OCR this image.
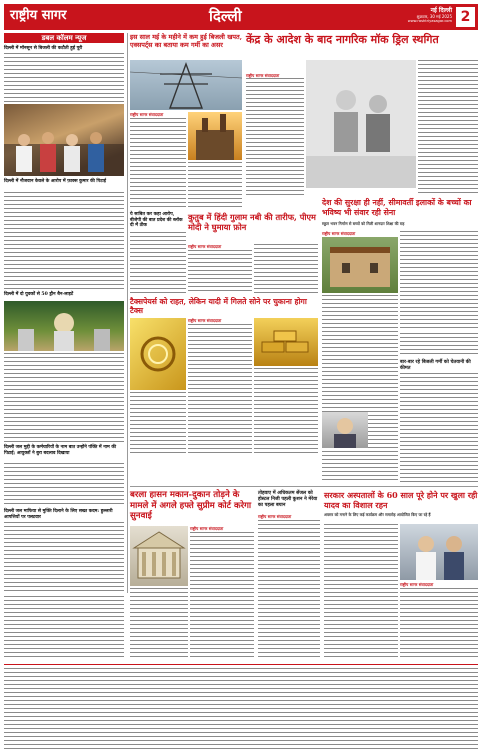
राष्ट्रीय सागर	दिल्ली	नई दिल्ली
शुक्रवार, 30 मई 2025
www.rashtriyasagar.com 2
डबल कॉलम न्यूज
दिल्ली में मॉनसून से बिजली की कटौती हुई पूरी
दिल्ली में नौजवान केवले के आरोप में फ़ाक्स कुमार की पिटाई
दिल्ली में दो युवकों से 50 ड्रौन बैन-लाइटें
दिल्ली जल मुद्दी के कर्मचारियों के नाम बात उन्होंने पंक्ति में नाम की पिटाई; आयुक्तों ने बुरा बदलाव दिखाया
दिल्ली जल माफिया से मुक्ति दिलाने के लिए सख्त कदम: हुल्लारी आपत्तियों पर पलटवार
इस साल मई के महीने में कम हुई बिजली खपत, एक्सपर्ट्स का बताया कम गर्मी का असर
राष्ट्रीय सागर संवाददाता
केंद्र के आदेश के बाद नागरिक मॉक ड्रिल स्थगित
राष्ट्रीय सागर संवाददाता
ये साबित कर कहा आरोप, बीजेपी की बात प्रदेश की ब्लॉक दी में ठीक
कुतुब में हिंदी गुलाम नबी की तारीफ, पीएम मोदी ने घुमाया फ़ोन
राष्ट्रीय सागर संवाददाता
देश की सुरक्षा ही नहीं, सीमावर्ती इलाकों के बच्चों का भविष्य भी संवार रही सेना
स्कूल भवन निर्माण से बच्चों को मिली शानदार शिक्षा की राह
राष्ट्रीय सागर संवाददाता
टैक्सपेयर्स को राहत, लेकिन यादी में गिलते सोने पर चुकाना होगा टैक्स
राष्ट्रीय सागर संवाददाता
बार-बार रहे बिजली गर्मी को चेतवानी की कीमत
बरला हासन मकान-दुकान तोड़ने के मामले में अगले हफ्ते सुप्रीम कोर्ट करेगा सुनवाई
राष्ट्रीय सागर संवाददाता
तोहवाए में अधिकतम सेंजल को होस्टल निजी पहली कुशन ने मेरेवा का पहला बयान
राष्ट्रीय सागर संवाददाता
सरकार अस्पतालों के 60 साल पूरे होने पर खुला रही यादव का विशाल रहन
अवसर को मनाने के लिए कई कार्यक्रम और समारोह आयोजित किए जा रहे हैं
राष्ट्रीय सागर संवाददाता
